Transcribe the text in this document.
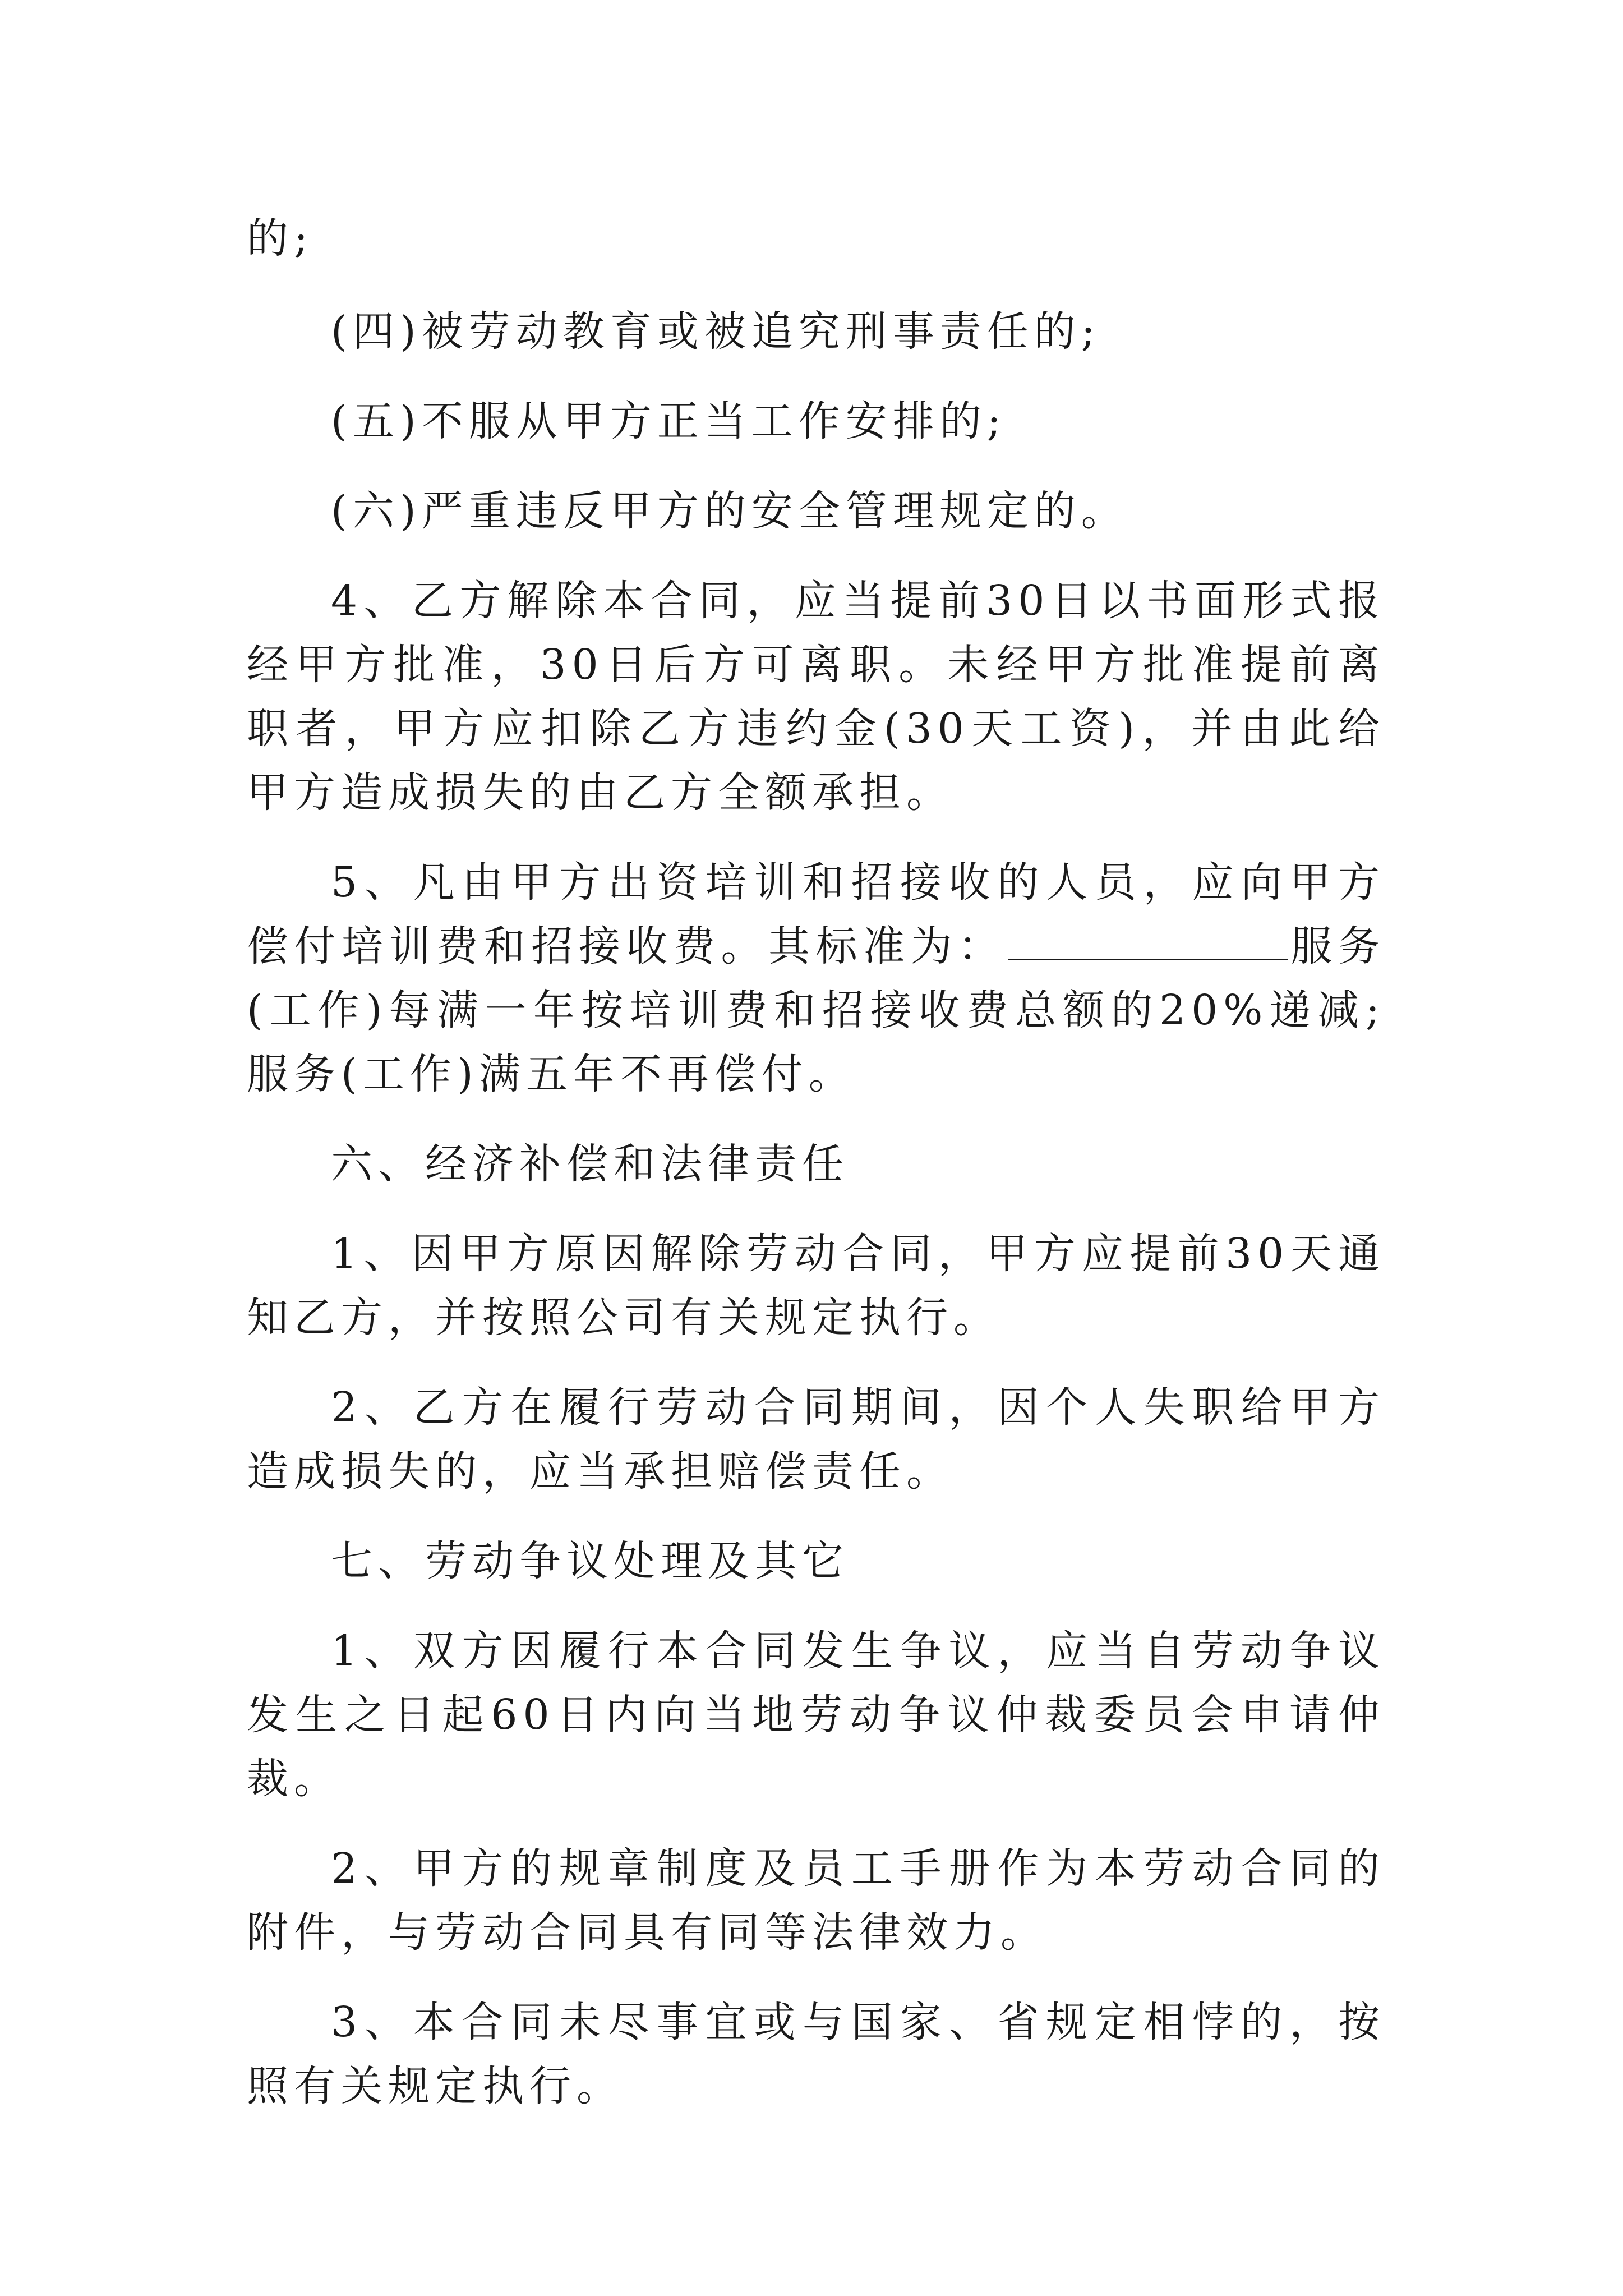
的;

(四)被劳动教育或被追究刑事责任的;

(五)不服从甲方正当工作安排的;

(六)严重违反甲方的安全管理规定的。

4、乙方解除本合同，应当提前30日以书面形式报经甲方批准，30日后方可离职。未经甲方批准提前离职者，甲方应扣除乙方违约金(30天工资)，并由此给甲方造成损失的由乙方全额承担。

5、凡由甲方出资培训和招接收的人员，应向甲方偿付培训费和招接收费。其标准为：	服务(工作)每满一年按培训费和招接收费总额的20%递减;服务(工作)满五年不再偿付。

六、经济补偿和法律责任

1、因甲方原因解除劳动合同，甲方应提前30天通知乙方，并按照公司有关规定执行。

2、乙方在履行劳动合同期间，因个人失职给甲方造成损失的，应当承担赔偿责任。

七、劳动争议处理及其它

1、双方因履行本合同发生争议，应当自劳动争议发生之日起60日内向当地劳动争议仲裁委员会申请仲裁。

2、甲方的规章制度及员工手册作为本劳动合同的附件，与劳动合同具有同等法律效力。

3、本合同未尽事宜或与国家、省规定相悖的，按照有关规定执行。
